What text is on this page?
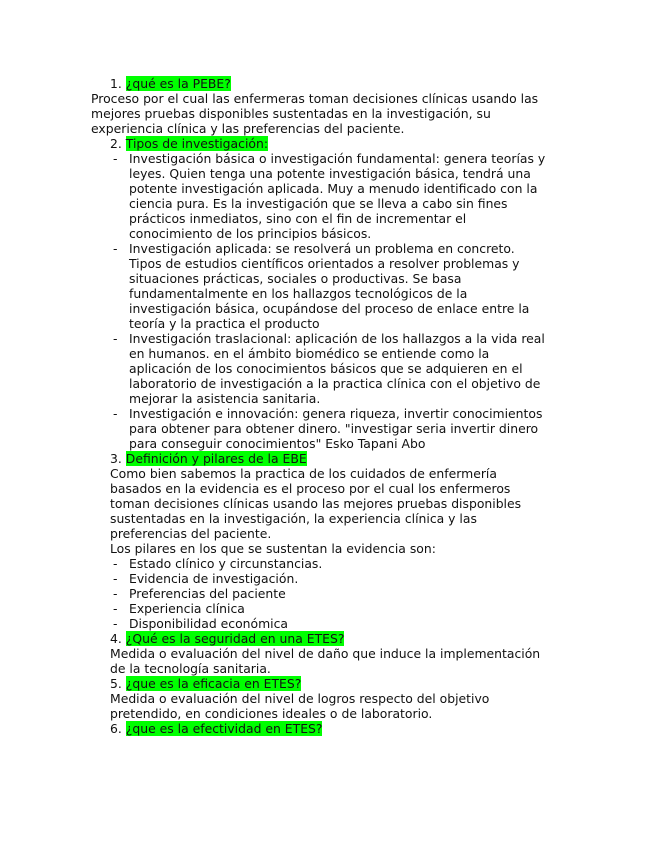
1. ¿qué es la PEBE?
Proceso por el cual las enfermeras toman decisiones clínicas usando las
mejores pruebas disponibles sustentadas en la investigación, su
experiencia clínica y las preferencias del paciente.
2. Tipos de investigación:
- Investigación básica o investigación fundamental: genera teorías y
leyes. Quien tenga una potente investigación básica, tendrá una
potente investigación aplicada. Muy a menudo identificado con la
ciencia pura. Es la investigación que se lleva a cabo sin fines
prácticos inmediatos, sino con el fin de incrementar el
conocimiento de los principios básicos.
- Investigación aplicada: se resolverá un problema en concreto.
Tipos de estudios científicos orientados a resolver problemas y
situaciones prácticas, sociales o productivas. Se basa
fundamentalmente en los hallazgos tecnológicos de la
investigación básica, ocupándose del proceso de enlace entre la
teoría y la practica el producto
- Investigación traslacional: aplicación de los hallazgos a la vida real
en humanos. en el ámbito biomédico se entiende como la
aplicación de los conocimientos básicos que se adquieren en el
laboratorio de investigación a la practica clínica con el objetivo de
mejorar la asistencia sanitaria.
- Investigación e innovación: genera riqueza, invertir conocimientos
para obtener para obtener dinero. "investigar seria invertir dinero
para conseguir conocimientos" Esko Tapani Abo
3. Definición y pilares de la EBE
Como bien sabemos la practica de los cuidados de enfermería
basados en la evidencia es el proceso por el cual los enfermeros
toman decisiones clínicas usando las mejores pruebas disponibles
sustentadas en la investigación, la experiencia clínica y las
preferencias del paciente.
Los pilares en los que se sustentan la evidencia son:
- Estado clínico y circunstancias.
- Evidencia de investigación.
- Preferencias del paciente
- Experiencia clínica
- Disponibilidad económica
4. ¿Qué es la seguridad en una ETES?
Medida o evaluación del nivel de daño que induce la implementación
de la tecnología sanitaria.
5. ¿que es la eficacia en ETES?
Medida o evaluación del nivel de logros respecto del objetivo
pretendido, en condiciones ideales o de laboratorio.
6. ¿que es la efectividad en ETES?
